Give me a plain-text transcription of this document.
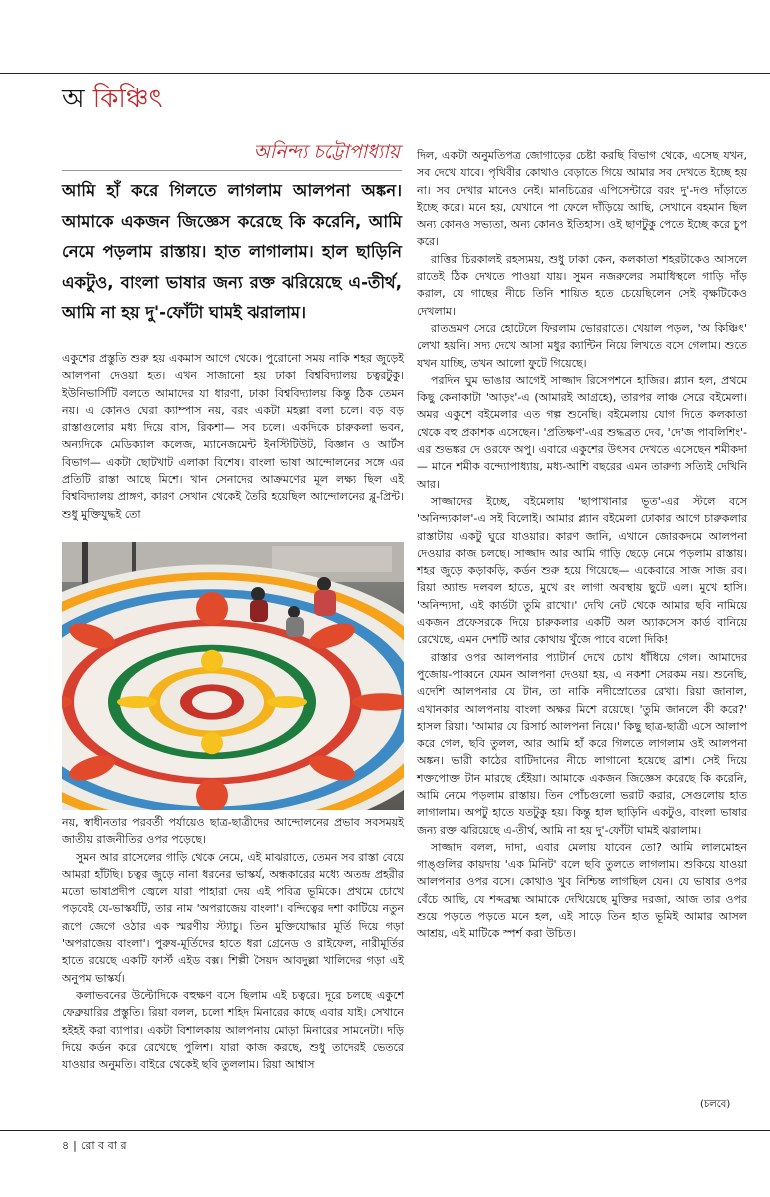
অ কিঞ্চিৎ
অনিন্দ্য চট্টোপাধ্যায়

আমি হাঁ করে গিলতে লাগলাম আলপনা অঙ্কন। আমাকে একজন জিজ্ঞেস করেছে কি করেনি, আমি নেমে পড়লাম রাস্তায়। হাত লাগালাম। হাল ছাড়িনি একটুও, বাংলা ভাষার জন্য রক্ত ঝরিয়েছে এ-তীর্থ, আমি না হয় দু'-ফোঁটা ঘামই ঝরালাম।

একুশের প্রস্তুতি শুরু হয় একমাস আগে থেকে। পুরোনো সময় নাকি শহর জুড়েই আলপনা দেওয়া হত। এখন সাজানো হয় ঢাকা বিশ্ববিদ্যালয় চত্বরটুকু। ইউনিভার্সিটি বলতে আমাদের যা ধারণা, ঢাকা বিশ্ববিদ্যালয় কিন্তু ঠিক তেমন নয়। এ কোনও ঘেরা ক্যাম্পাস নয়, বরং একটা মহল্লা বলা চলে। বড় বড় রাস্তাগুলোর মধ্য দিয়ে বাস, রিকশা— সব চলে। একদিকে চারুকলা ভবন, অন্যদিকে মেডিক্যাল কলেজ, ম্যানেজমেন্ট ইনস্টিটিউট, বিজ্ঞান ও আর্টস বিভাগ— একটা ছোটখাট এলাকা বিশেষ। বাংলা ভাষা আন্দোলনের সঙ্গে এর প্রতিটি রাস্তা আছে মিশে। খান সেনাদের আক্রমণের মূল লক্ষ্য ছিল এই বিশ্ববিদ্যালয় প্রাঙ্গণ, কারণ সেখান থেকেই তৈরি হয়েছিল আন্দোলনের ব্লু-প্রিন্ট। শুধু মুক্তিযুদ্ধই তো

নয়, স্বাধীনতার পরবর্তী পর্যায়েও ছাত্র-ছাত্রীদের আন্দোলনের প্রভাব সবসময়ই জাতীয় রাজনীতির ওপর পড়েছে।

সুমন আর রাসেলের গাড়ি থেকে নেমে, এই মাঝরাতে, তেমন সব রাস্তা বেয়ে আমরা হাঁটছি। চত্বর জুড়ে নানা ধরনের ভাস্কর্য, অন্ধকারের মধ্যে অতন্দ্র প্রহরীর মতো ভাষাপ্রদীপ জ্বেলে যারা পাহারা দেয় এই পবিত্র ভূমিকে। প্রথমে চোখে পড়বেই যে-ভাস্কর্যটি, তার নাম 'অপরাজেয় বাংলা'। বন্দিত্বের দশা কাটিয়ে নতুন রূপে জেগে ওঠার এক স্মরণীয় স্ট্যাচু। তিন মুক্তিযোদ্ধার মূর্তি দিয়ে গড়া 'অপরাজেয় বাংলা'। পুরুষ-মূর্তিদের হাতে ধরা গ্রেনেড ও রাইফেল, নারীমূর্তির হাতে রয়েছে একটি ফার্স্ট এইড বক্স। শিল্পী সৈয়দ আবদুল্লা খালিদের গড়া এই অনুপম ভাস্কর্য।

কলাভবনের উল্টোদিকে বহুক্ষণ বসে ছিলাম এই চত্বরে। দূরে চলছে একুশে ফেব্রুয়ারির প্রস্তুতি। রিয়া বলল, চলো শহিদ মিনারের কাছে এবার যাই। সেখানে হইহই করা ব্যাপার। একটা বিশালকায় আলপনায় মোড়া মিনারের সামনেটা। দড়ি দিয়ে কর্ডন করে রেখেছে পুলিশ। যারা কাজ করছে, শুধু তাদেরই ভেতরে যাওয়ার অনুমতি। বাইরে থেকেই ছবি তুললাম। রিয়া আশ্বাস

দিল, একটা অনুমতিপত্র জোগাড়ের চেষ্টা করছি বিভাগ থেকে, এসেছ যখন, সব দেখে যাবে। পৃথিবীর কোথাও বেড়াতে গিয়ে আমার সব দেখতে ইচ্ছে হয় না। সব দেখার মানেও নেই। মানচিত্রের এপিসেন্টারে বরং দু'-দণ্ড দাঁড়াতে ইচ্ছে করে। মনে হয়, যেখানে পা ফেলে দাঁড়িয়ে আছি, সেখানে বহমান ছিল অন্য কোনও সভ্যতা, অন্য কোনও ইতিহাস। ওই ছাণটুকু পেতে ইচ্ছে করে চুপ করে।

রাত্তির চিরকালই রহস্যময়, শুধু ঢাকা কেন, কলকাতা শহরটাকেও আসলে রাতেই ঠিক দেখতে পাওয়া যায়। সুমন নজরুলের সমাধিস্থলে গাড়ি দাঁড় করাল, যে গাছের নীচে তিনি শায়িত হতে চেয়েছিলেন সেই বৃক্ষটিকেও দেখলাম।

রাতভ্রমণ সেরে হোটেলে ফিরলাম ভোররাতে। খেয়াল পড়ল, 'অ কিঞ্চিৎ' লেখা হয়নি। সদ্য দেখে আসা মধুর ক্যান্টিন নিয়ে লিখতে বসে গেলাম। শুতে যখন যাচ্ছি, তখন আলো ফুটে গিয়েছে।

পরদিন ঘুম ভাঙার আগেই সাজ্জাদ রিসেপশনে হাজির। প্ল্যান হল, প্রথমে কিছু কেনাকাটা 'আড়ং'-এ (আমারই আগ্রহে), তারপর লাঞ্চ সেরে বইমেলা। অমর একুশে বইমেলার এত গল্প শুনেছি। বইমেলায় যোগ দিতে কলকাতা থেকে বহু প্রকাশক এসেছেন। 'প্রতিক্ষণ'-এর শুদ্ধব্রত দেব, 'দে'জ পাবলিশিং'-এর শুভঙ্কর দে ওরফে অপু। এবারে একুশের উৎসব দেখতে এসেছেন শমীকদা— মানে শমীক বন্দ্যোপাধ্যায়, মধ্য-আশি বছরের এমন তারুণ্য সত্যিই দেখিনি আর।

সাজ্জাদের ইচ্ছে, বইমেলায় 'ছাপাখানার ভূত'-এর স্টলে বসে 'অনিন্দ্যকাল'-এ সই বিলোই। আমার প্ল্যান বইমেলা ঢোকার আগে চারুকলার রাস্তাটায় একটু ঘুরে যাওয়ার। কারণ জানি, এখানে জোরকদমে আলপনা দেওয়ার কাজ চলছে। সাজ্জাদ আর আমি গাড়ি ছেড়ে নেমে পড়লাম রাস্তায়। শহর জুড়ে কড়াকড়ি, কর্ডন শুরু হয়ে গিয়েছে— একেবারে সাজ সাজ রব। রিয়া অ্যান্ড দলবল হাতে, মুখে রং লাগা অবস্থায় ছুটে এল। মুখে হাসি। 'অনিন্দ্যদা, এই কার্ডটা তুমি রাখো।' দেখি নেট থেকে আমার ছবি নামিয়ে একজন প্রফেসরকে দিয়ে চারুকলার একটি অল অ্যাকসেস কার্ড বানিয়ে রেখেছে, এমন দেশটি আর কোথায় খুঁজে পাবে বলো দিকি!

রাস্তার ওপর আলপনার প্যাটার্ন দেখে চোখ ধাঁধিয়ে গেল। আমাদের পুজোয়-পাব্বনে যেমন আলপনা দেওয়া হয়, এ নকশা সেরকম নয়। শুনেছি, এদেশি আলপনার যে টান, তা নাকি নদীস্রোতের রেখা। রিয়া জানাল, এখানকার আলপনায় বাংলা অক্ষর মিশে রয়েছে। 'তুমি জানলে কী করে?' হাসল রিয়া। 'আমার যে রিসার্চ আলপনা নিয়ে।' কিছু ছাত্র-ছাত্রী এসে আলাপ করে গেল, ছবি তুলল, আর আমি হাঁ করে গিলতে লাগলাম ওই আলপনা অঙ্কন। ভারী কাঠের বাটিদানের নীচে লাগানো হয়েছে ব্রাশ। সেই দিয়ে শক্তপোক্ত টান মারছে হেঁইয়া। আমাকে একজন জিজ্ঞেস করেছে কি করেনি, আমি নেমে পড়লাম রাস্তায়। তিন পোঁচগুলো ভরাট করার, সেগুলোয় হাত লাগালাম। অপটু হাতে যতটুকু হয়। কিন্তু হাল ছাড়িনি একটুও, বাংলা ভাষার জন্য রক্ত ঝরিয়েছে এ-তীর্থ, আমি না হয় দু'-ফোঁটা ঘামই ঝরালাম।

সাজ্জাদ বলল, দাদা, এবার মেলায় যাবেন তো? আমি লালমোহন গাঙ্গুলির কায়দায় 'এক মিনিট' বলে ছবি তুলতে লাগলাম। শুকিয়ে যাওয়া আলপনার ওপর বসে। কোথাও খুব নিশ্চিন্ত লাগছিল যেন। যে ভাষার ওপর বেঁচে আছি, যে শব্দব্রহ্ম আমাকে দেখিয়েছে মুক্তির দরজা, আজ তার ওপর শুয়ে পড়তে পড়তে মনে হল, এই সাড়ে তিন হাত ভূমিই আমার আসল আশ্রয়, এই মাটিকে স্পর্শ করা উচিত।

(চলবে)
৪ | রো ব বা র
